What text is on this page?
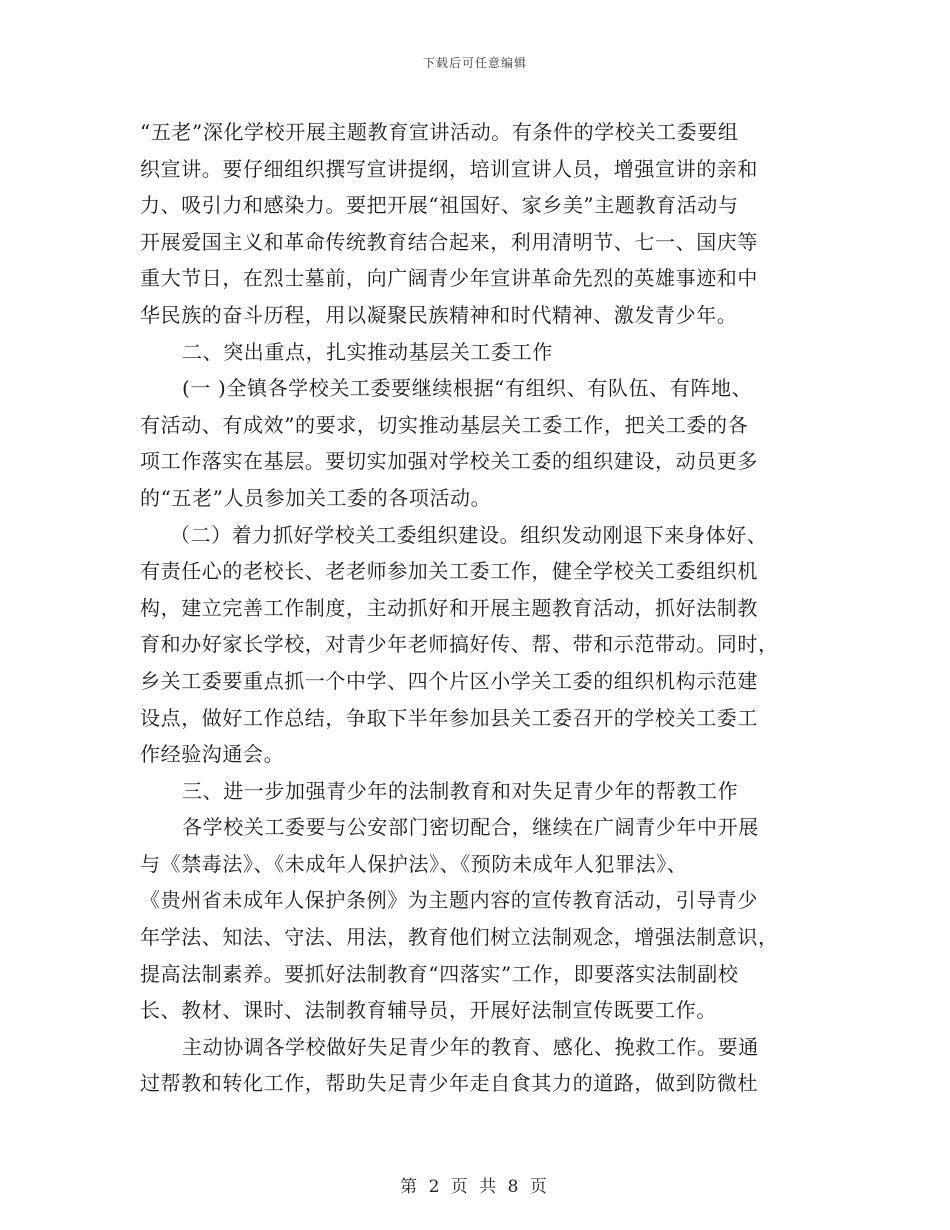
下载后可任意编辑

“五老”深化学校开展主题教育宣讲活动。有条件的学校关工委要组
织宣讲。要仔细组织撰写宣讲提纲，培训宣讲人员，增强宣讲的亲和
力、吸引力和感染力。要把开展“祖国好、家乡美”主题教育活动与
开展爱国主义和革命传统教育结合起来，利用清明节、七一、国庆等
重大节日，在烈士墓前，向广阔青少年宣讲革命先烈的英雄事迹和中
华民族的奋斗历程，用以凝聚民族精神和时代精神、激发青少年。

二、突出重点，扎实推动基层关工委工作

(一 )全镇各学校关工委要继续根据“有组织、有队伍、有阵地、
有活动、有成效”的要求，切实推动基层关工委工作，把关工委的各
项工作落实在基层。要切实加强对学校关工委的组织建设，动员更多
的“五老”人员参加关工委的各项活动。

（二）着力抓好学校关工委组织建设。组织发动刚退下来身体好、
有责任心的老校长、老老师参加关工委工作，健全学校关工委组织机
构，建立完善工作制度，主动抓好和开展主题教育活动，抓好法制教
育和办好家长学校，对青少年老师搞好传、帮、带和示范带动。同时，
乡关工委要重点抓一个中学、四个片区小学关工委的组织机构示范建
设点，做好工作总结，争取下半年参加县关工委召开的学校关工委工
作经验沟通会。

三、进一步加强青少年的法制教育和对失足青少年的帮教工作

各学校关工委要与公安部门密切配合，继续在广阔青少年中开展
与《禁毒法》、《未成年人保护法》、《预防未成年人犯罪法》、
《贵州省未成年人保护条例》为主题内容的宣传教育活动，引导青少
年学法、知法、守法、用法，教育他们树立法制观念，增强法制意识，
提高法制素养。要抓好法制教育“四落实”工作，即要落实法制副校
长、教材、课时、法制教育辅导员，开展好法制宣传既要工作。

主动协调各学校做好失足青少年的教育、感化、挽救工作。要通
过帮教和转化工作，帮助失足青少年走自食其力的道路，做到防微杜

第 2 页 共 8 页
